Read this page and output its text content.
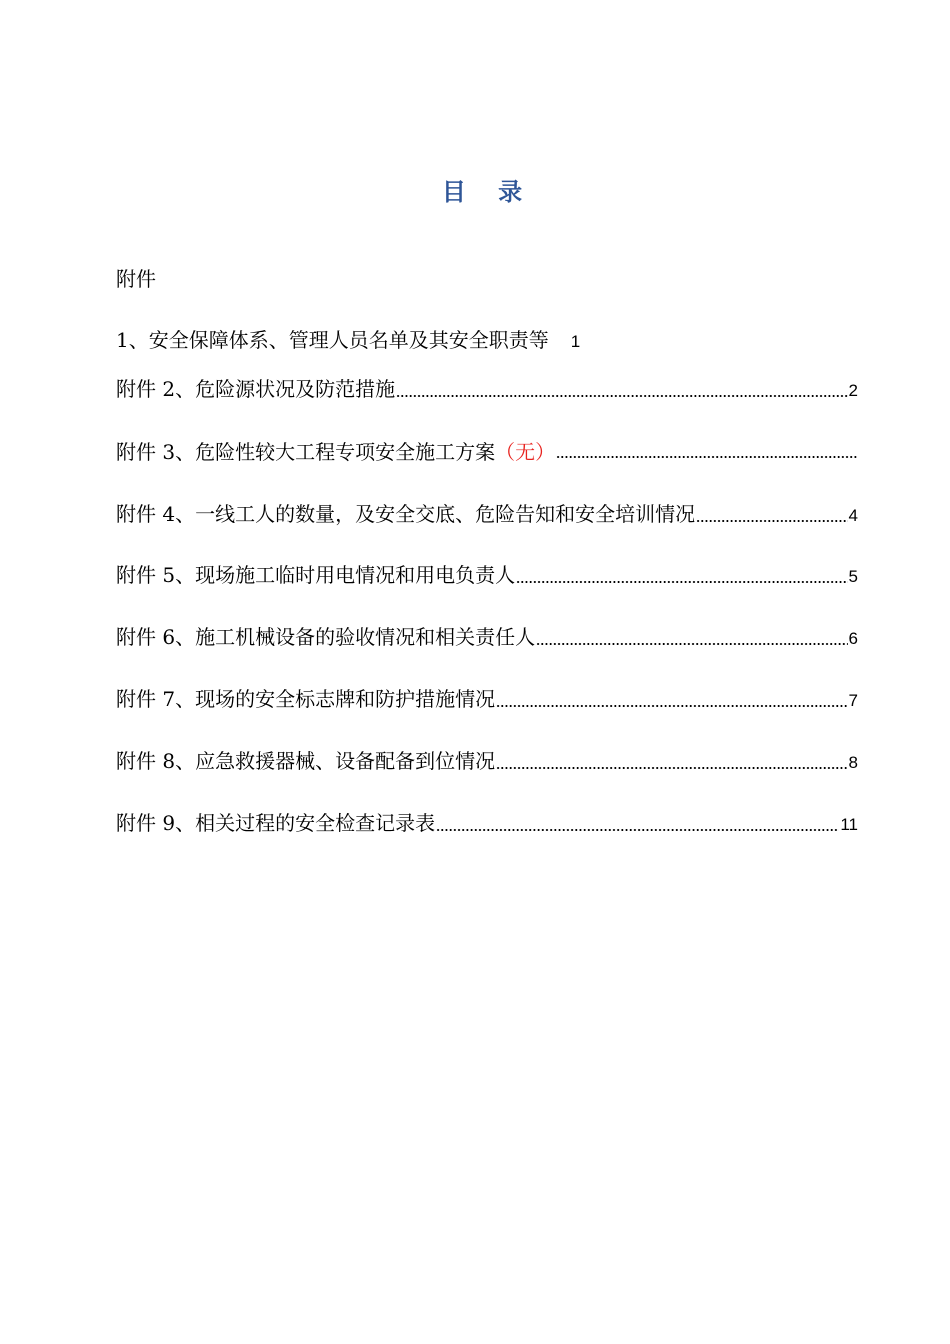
目 录
附件
1、安全保障体系、管理人员名单及其安全职责等 1
附件 2、危险源状况及防范措施	2
附件 3、危险性较大工程专项安全施工方案 （无）
附件 4、一线工人的数量，及安全交底、危险告知和安全培训情况	4
附件 5、现场施工临时用电情况和用电负责人	5
附件 6、施工机械设备的验收情况和相关责任人	6
附件 7、现场的安全标志牌和防护措施情况	7
附件 8、应急救援器械、设备配备到位情况	8
附件 9、相关过程的安全检查记录表	11
